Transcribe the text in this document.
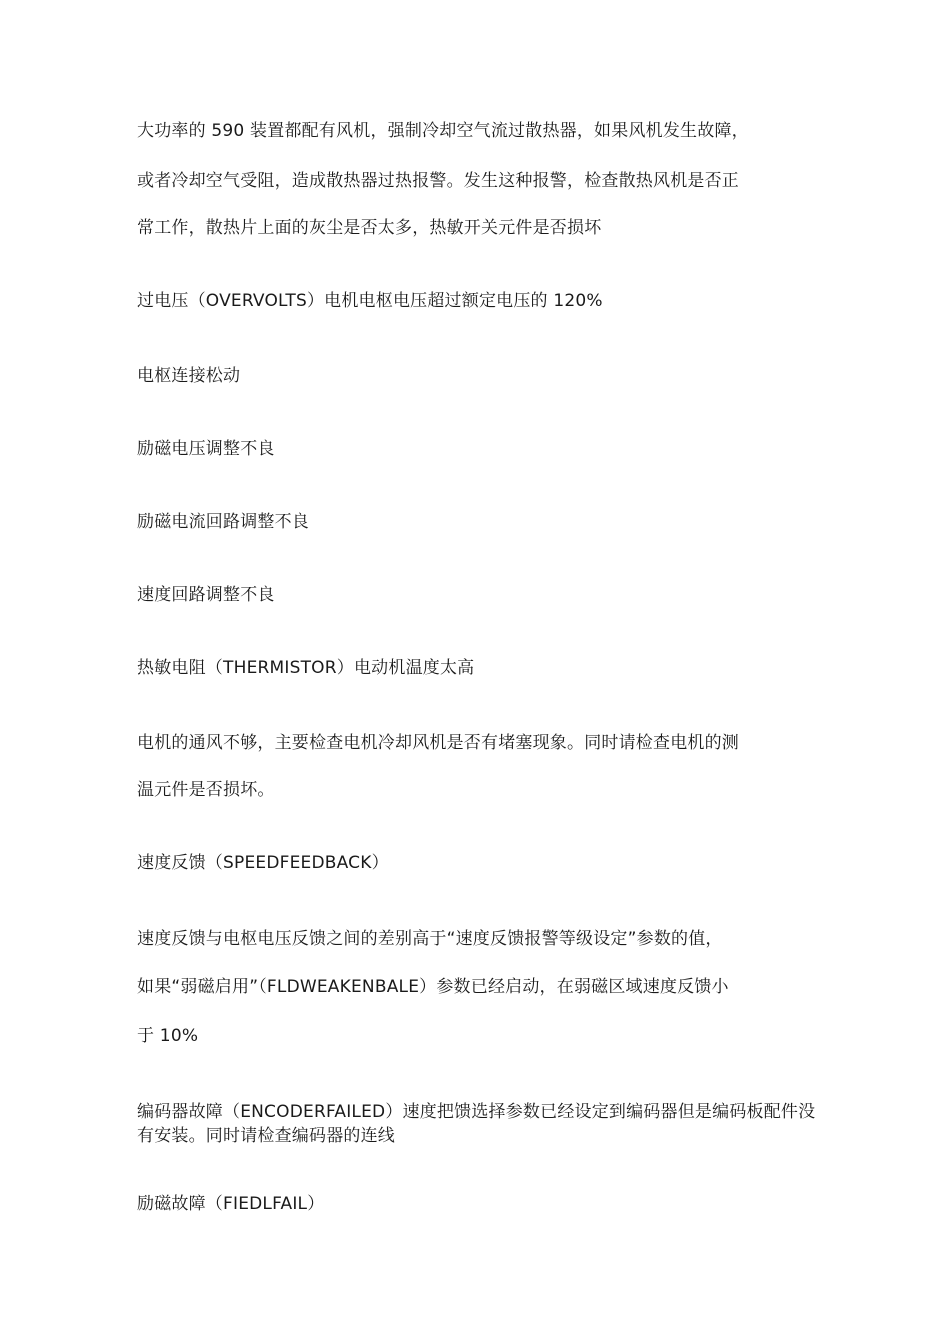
大功率的 590 装置都配有风机，强制冷却空气流过散热器，如果风机发生故障，
或者冷却空气受阻，造成散热器过热报警。发生这种报警，检查散热风机是否正
常工作，散热片上面的灰尘是否太多，热敏开关元件是否损坏
过电压（OVERVOLTS）电机电枢电压超过额定电压的 120%
电枢连接松动
励磁电压调整不良
励磁电流回路调整不良
速度回路调整不良
热敏电阻（THERMISTOR）电动机温度太高
电机的通风不够，主要检查电机冷却风机是否有堵塞现象。同时请检查电机的测
温元件是否损坏。
速度反馈（SPEEDFEEDBACK）
速度反馈与电枢电压反馈之间的差别高于“速度反馈报警等级设定”参数的值，
如果“弱磁启用”（FLDWEAKENBALE）参数已经启动，在弱磁区域速度反馈小
于 10%
编码器故障（ENCODERFAILED）速度把馈选择参数已经设定到编码器但是编码板配件没
有安装。同时请检查编码器的连线
励磁故障（FIEDLFAIL）
